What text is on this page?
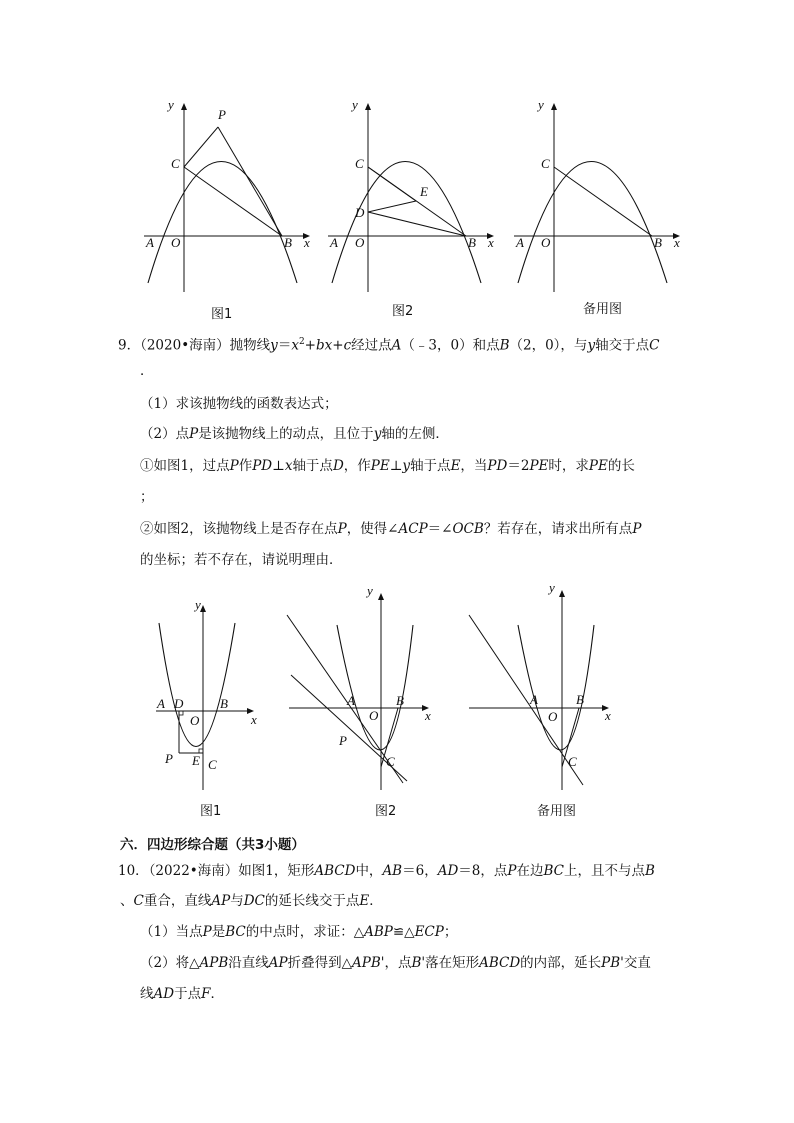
y
x
P
C
A O	B
图1
y
x
C
E
D
A O	B
图2
y
x
C
A O	B
备用图
9．（2020•海南）抛物线$y=x^2+bx+c$经过点A（﹣3，0）和点B（2，0），与y轴交于点C
．
（1）求该抛物线的函数表达式；
（2）点P是该抛物线上的动点，且位于y轴的左侧．
①如图1，过点P作PD⊥x轴于点D，作PE⊥y轴于点E，当PD＝2PE时，求PE的长
；
②如图2，该抛物线上是否存在点P，使得∠ACP＝∠OCB？若存在，请求出所有点P
的坐标；若不存在，请说明理由．
y
x
A D	B
O
P E C
图1
y
x
A	B
O
P
C
图2
y
x
A	B
O
C
备用图
六．四边形综合题（共3小题）
10．（2022•海南）如图1，矩形ABCD中，AB＝6，AD＝8，点P在边BC上，且不与点B
、C重合，直线AP与DC的延长线交于点E．
（1）当点P是BC的中点时，求证：△ABP≌△ECP；
（2）将△APB沿直线AP折叠得到△APB'，点B'落在矩形ABCD的内部，延长PB'交直
线AD于点F．
